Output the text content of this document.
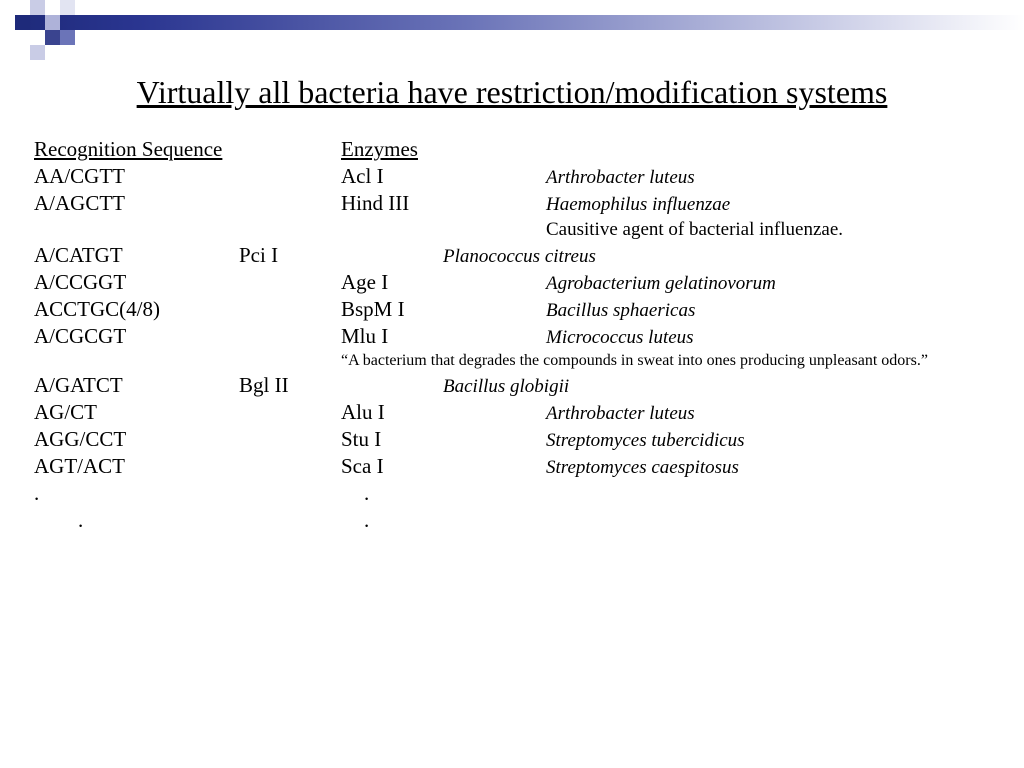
Virtually all bacteria have restriction/modification systems
Recognition Sequence	Enzymes
AA/CGTT	Acl I	Arthrobacter luteus
A/AGCTT	Hind III	Haemophilus influenzae
Causitive agent of bacterial influenzae.
A/CATGT	Pci I	Planococcus citreus
A/CCGGT	Age I	Agrobacterium gelatinovorum
ACCTGC(4/8)	BspM I	Bacillus sphaericas
A/CGCGT	Mlu I	Micrococcus luteus
“A bacterium that degrades the compounds in sweat into ones producing unpleasant odors.”
A/GATCT	Bgl II	Bacillus globigii
AG/CT	Alu I	Arthrobacter luteus
AGG/CCT	Stu I	Streptomyces tubercidicus
AGT/ACT	Sca I	Streptomyces caespitosus
.	.
.	.
